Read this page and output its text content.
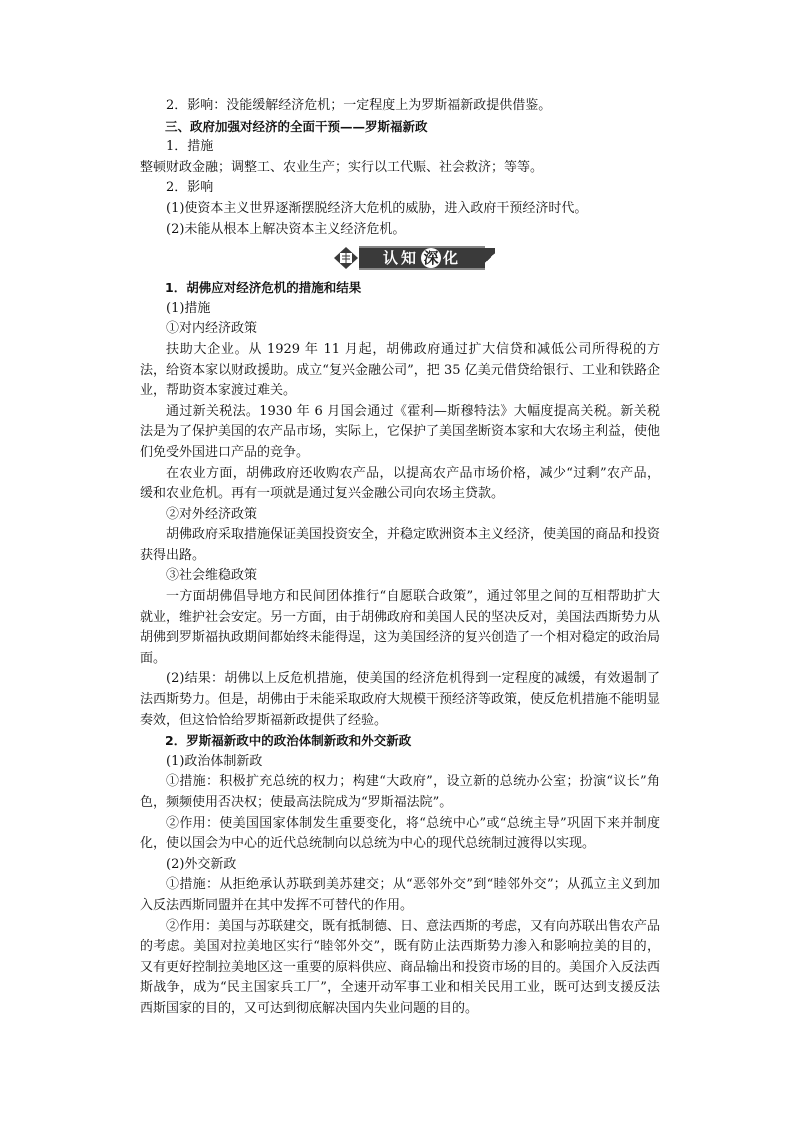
2．影响：没能缓解经济危机；一定程度上为罗斯福新政提供借鉴。

三、政府加强对经济的全面干预——罗斯福新政

1．措施

整顿财政金融；调整工、农业生产；实行以工代赈、社会救济；等等。

2．影响

(1)使资本主义世界逐渐摆脱经济大危机的威胁，进入政府干预经济时代。

(2)未能从根本上解决资本主义经济危机。

认知 深 化

1．胡佛应对经济危机的措施和结果

(1)措施

①对内经济政策

扶助大企业。从 1929 年 11 月起，胡佛政府通过扩大信贷和减低公司所得税的方法，给资本家以财政援助。成立“复兴金融公司”，把 35 亿美元借贷给银行、工业和铁路企业，帮助资本家渡过难关。

通过新关税法。1930 年 6 月国会通过《霍利—斯穆特法》大幅度提高关税。新关税法是为了保护美国的农产品市场，实际上，它保护了美国垄断资本家和大农场主利益，使他们免受外国进口产品的竞争。

在农业方面，胡佛政府还收购农产品，以提高农产品市场价格，减少“过剩”农产品，缓和农业危机。再有一项就是通过复兴金融公司向农场主贷款。

②对外经济政策

胡佛政府采取措施保证美国投资安全，并稳定欧洲资本主义经济，使美国的商品和投资获得出路。

③社会维稳政策

一方面胡佛倡导地方和民间团体推行“自愿联合政策”，通过邻里之间的互相帮助扩大就业，维护社会安定。另一方面，由于胡佛政府和美国人民的坚决反对，美国法西斯势力从胡佛到罗斯福执政期间都始终未能得逞，这为美国经济的复兴创造了一个相对稳定的政治局面。

(2)结果：胡佛以上反危机措施，使美国的经济危机得到一定程度的减缓，有效遏制了法西斯势力。但是，胡佛由于未能采取政府大规模干预经济等政策，使反危机措施不能明显奏效，但这恰恰给罗斯福新政提供了经验。

2．罗斯福新政中的政治体制新政和外交新政

(1)政治体制新政

①措施：积极扩充总统的权力；构建“大政府”，设立新的总统办公室；扮演“议长”角色，频频使用否决权；使最高法院成为“罗斯福法院”。

②作用：使美国国家体制发生重要变化，将“总统中心”或“总统主导”巩固下来并制度化，使以国会为中心的近代总统制向以总统为中心的现代总统制过渡得以实现。

(2)外交新政

①措施：从拒绝承认苏联到美苏建交；从“恶邻外交”到“睦邻外交”；从孤立主义到加入反法西斯同盟并在其中发挥不可替代的作用。

②作用：美国与苏联建交，既有抵制德、日、意法西斯的考虑，又有向苏联出售农产品的考虑。美国对拉美地区实行“睦邻外交”，既有防止法西斯势力渗入和影响拉美的目的，又有更好控制拉美地区这一重要的原料供应、商品输出和投资市场的目的。美国介入反法西斯战争，成为“民主国家兵工厂”，全速开动军事工业和相关民用工业，既可达到支援反法西斯国家的目的，又可达到彻底解决国内失业问题的目的。
